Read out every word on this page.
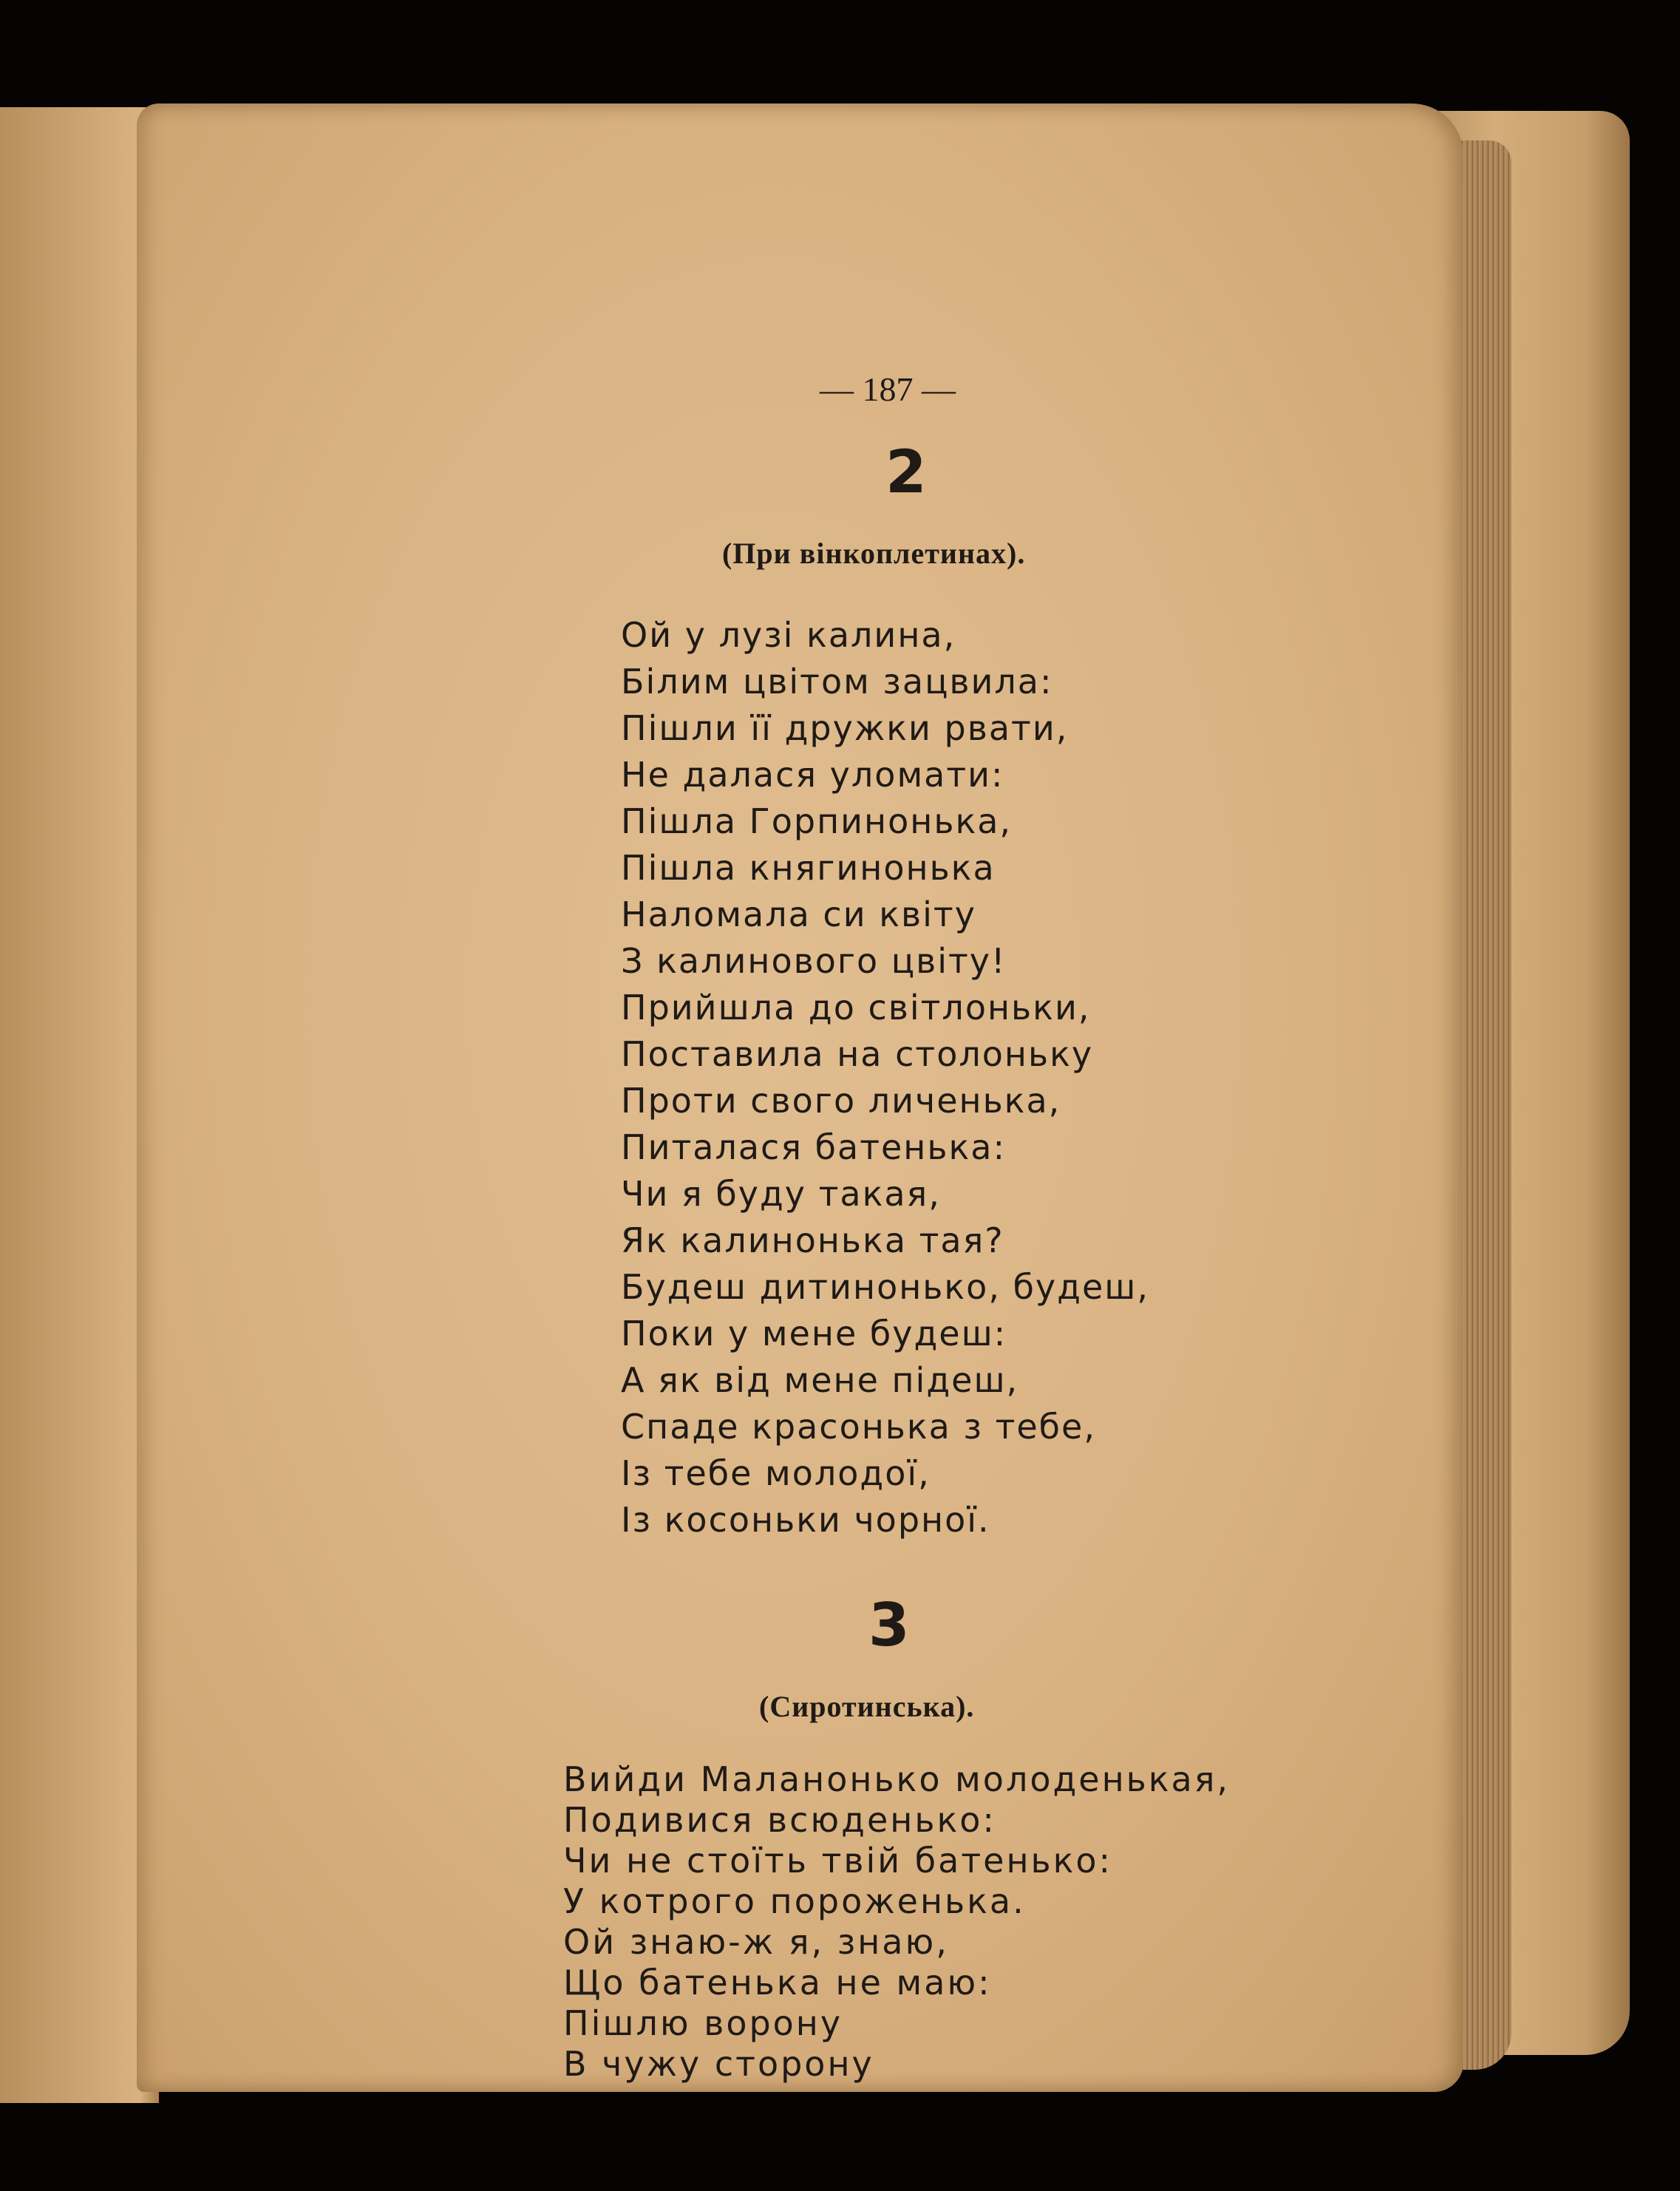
— 187 —
2
(При вінкоплетинах).
Ой у лузі калина,
Білим цвітом зацвила:
Пішли її дружки рвати,
Не далася уломати:
Пішла Горпинонька,
Пішла княгинонька
Наломала си квіту
З калинового цвіту!
Прийшла до світлоньки,
Поставила на столоньку
Проти свого личенька,
Питалася батенька:
Чи я буду такая,
Як калинонька тая?
Будеш дитинонько, будеш,
Поки у мене будеш:
А як від мене підеш,
Спаде красонька з тебе,
Із тебе молодої,
Із косоньки чорної.
3
(Сиротинська).
Вийди Маланонько молоденькая,
Подивися всюденько:
Чи не стоїть твій батенько:
У котрого пороженька.
Ой знаю-ж я, знаю,
Що батенька не маю:
Пішлю ворону
В чужу сторону
